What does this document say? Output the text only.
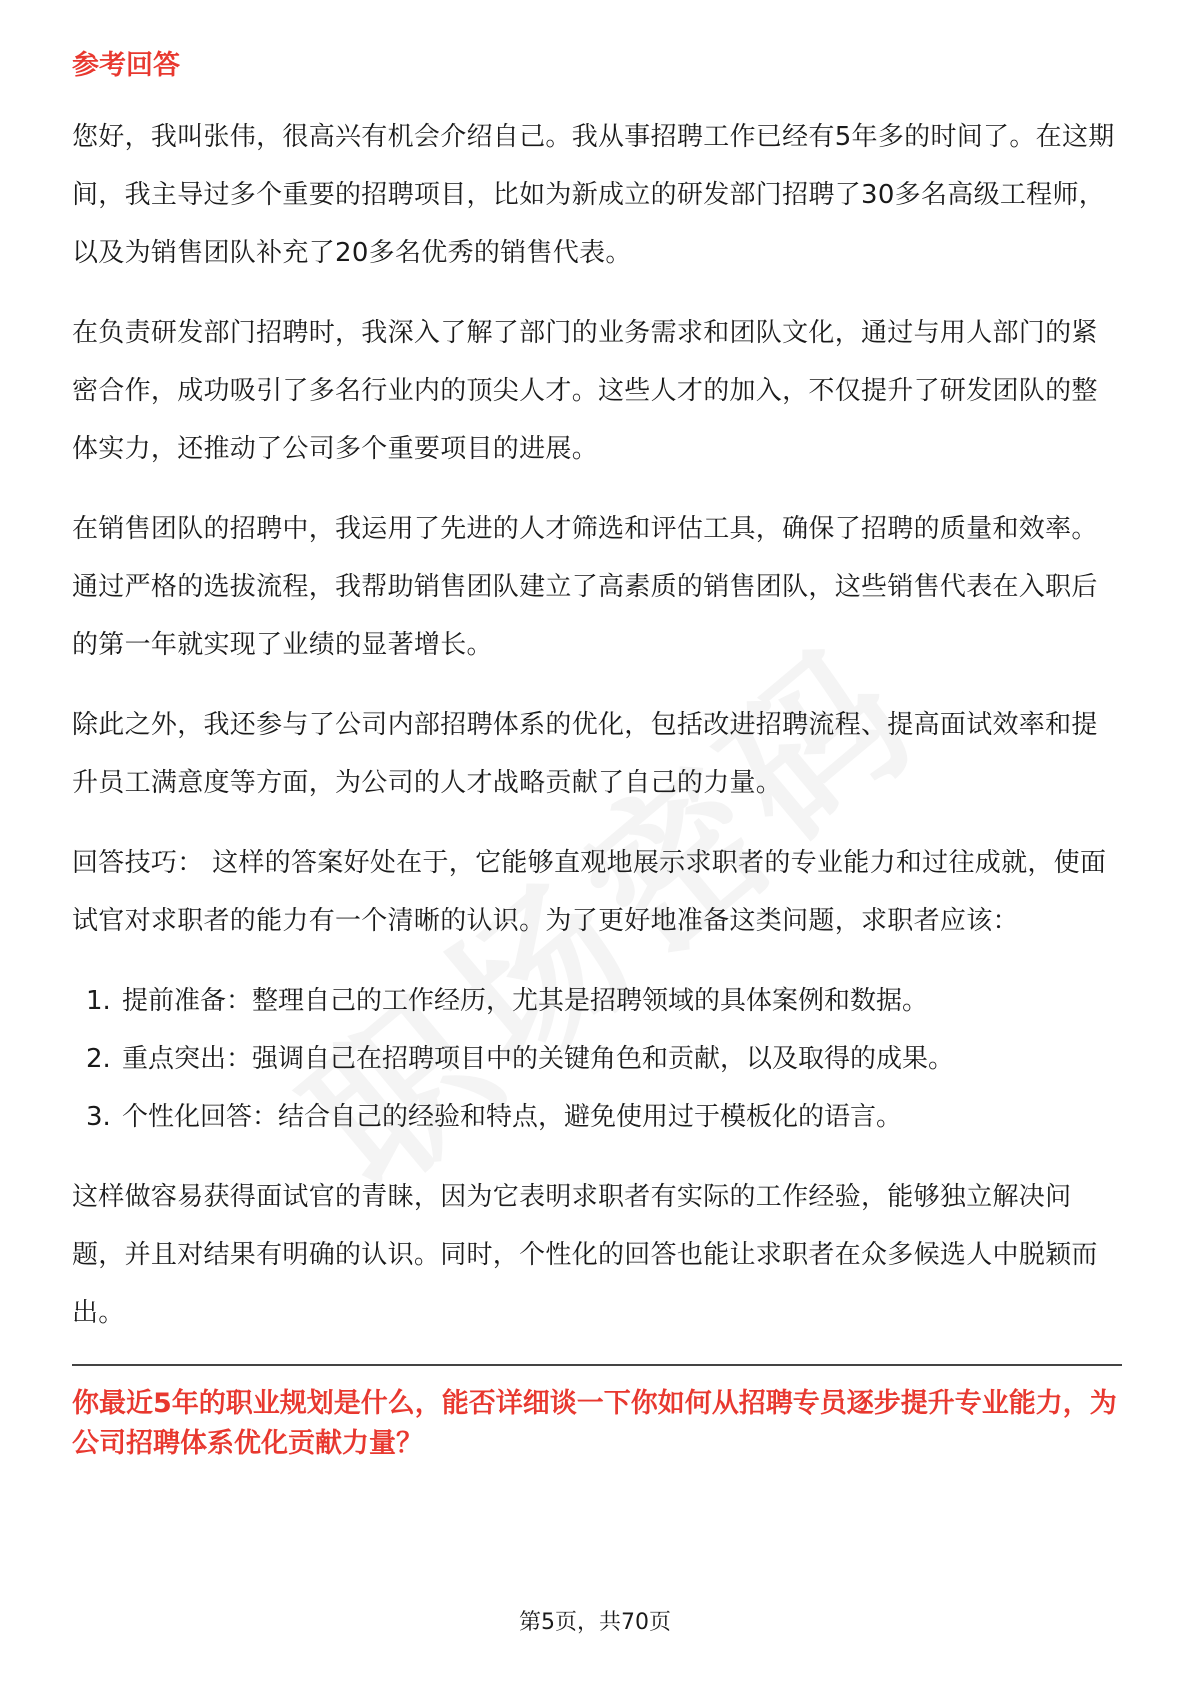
参考回答

您好，我叫张伟，很高兴有机会介绍自己。我从事招聘工作已经有5年多的时间了。在这期间，我主导过多个重要的招聘项目，比如为新成立的研发部门招聘了30多名高级工程师，以及为销售团队补充了20多名优秀的销售代表。

在负责研发部门招聘时，我深入了解了部门的业务需求和团队文化，通过与用人部门的紧密合作，成功吸引了多名行业内的顶尖人才。这些人才的加入，不仅提升了研发团队的整体实力，还推动了公司多个重要项目的进展。

在销售团队的招聘中，我运用了先进的人才筛选和评估工具，确保了招聘的质量和效率。通过严格的选拔流程，我帮助销售团队建立了高素质的销售团队，这些销售代表在入职后的第一年就实现了业绩的显著增长。

除此之外，我还参与了公司内部招聘体系的优化，包括改进招聘流程、提高面试效率和提升员工满意度等方面，为公司的人才战略贡献了自己的力量。

回答技巧： 这样的答案好处在于，它能够直观地展示求职者的专业能力和过往成就，使面试官对求职者的能力有一个清晰的认识。为了更好地准备这类问题，求职者应该：

1. 提前准备：整理自己的工作经历，尤其是招聘领域的具体案例和数据。
2. 重点突出：强调自己在招聘项目中的关键角色和贡献，以及取得的成果。
3. 个性化回答：结合自己的经验和特点，避免使用过于模板化的语言。

这样做容易获得面试官的青睐，因为它表明求职者有实际的工作经验，能够独立解决问题，并且对结果有明确的认识。同时，个性化的回答也能让求职者在众多候选人中脱颖而出。

你最近5年的职业规划是什么，能否详细谈一下你如何从招聘专员逐步提升专业能力，为公司招聘体系优化贡献力量？
第5页，共70页
